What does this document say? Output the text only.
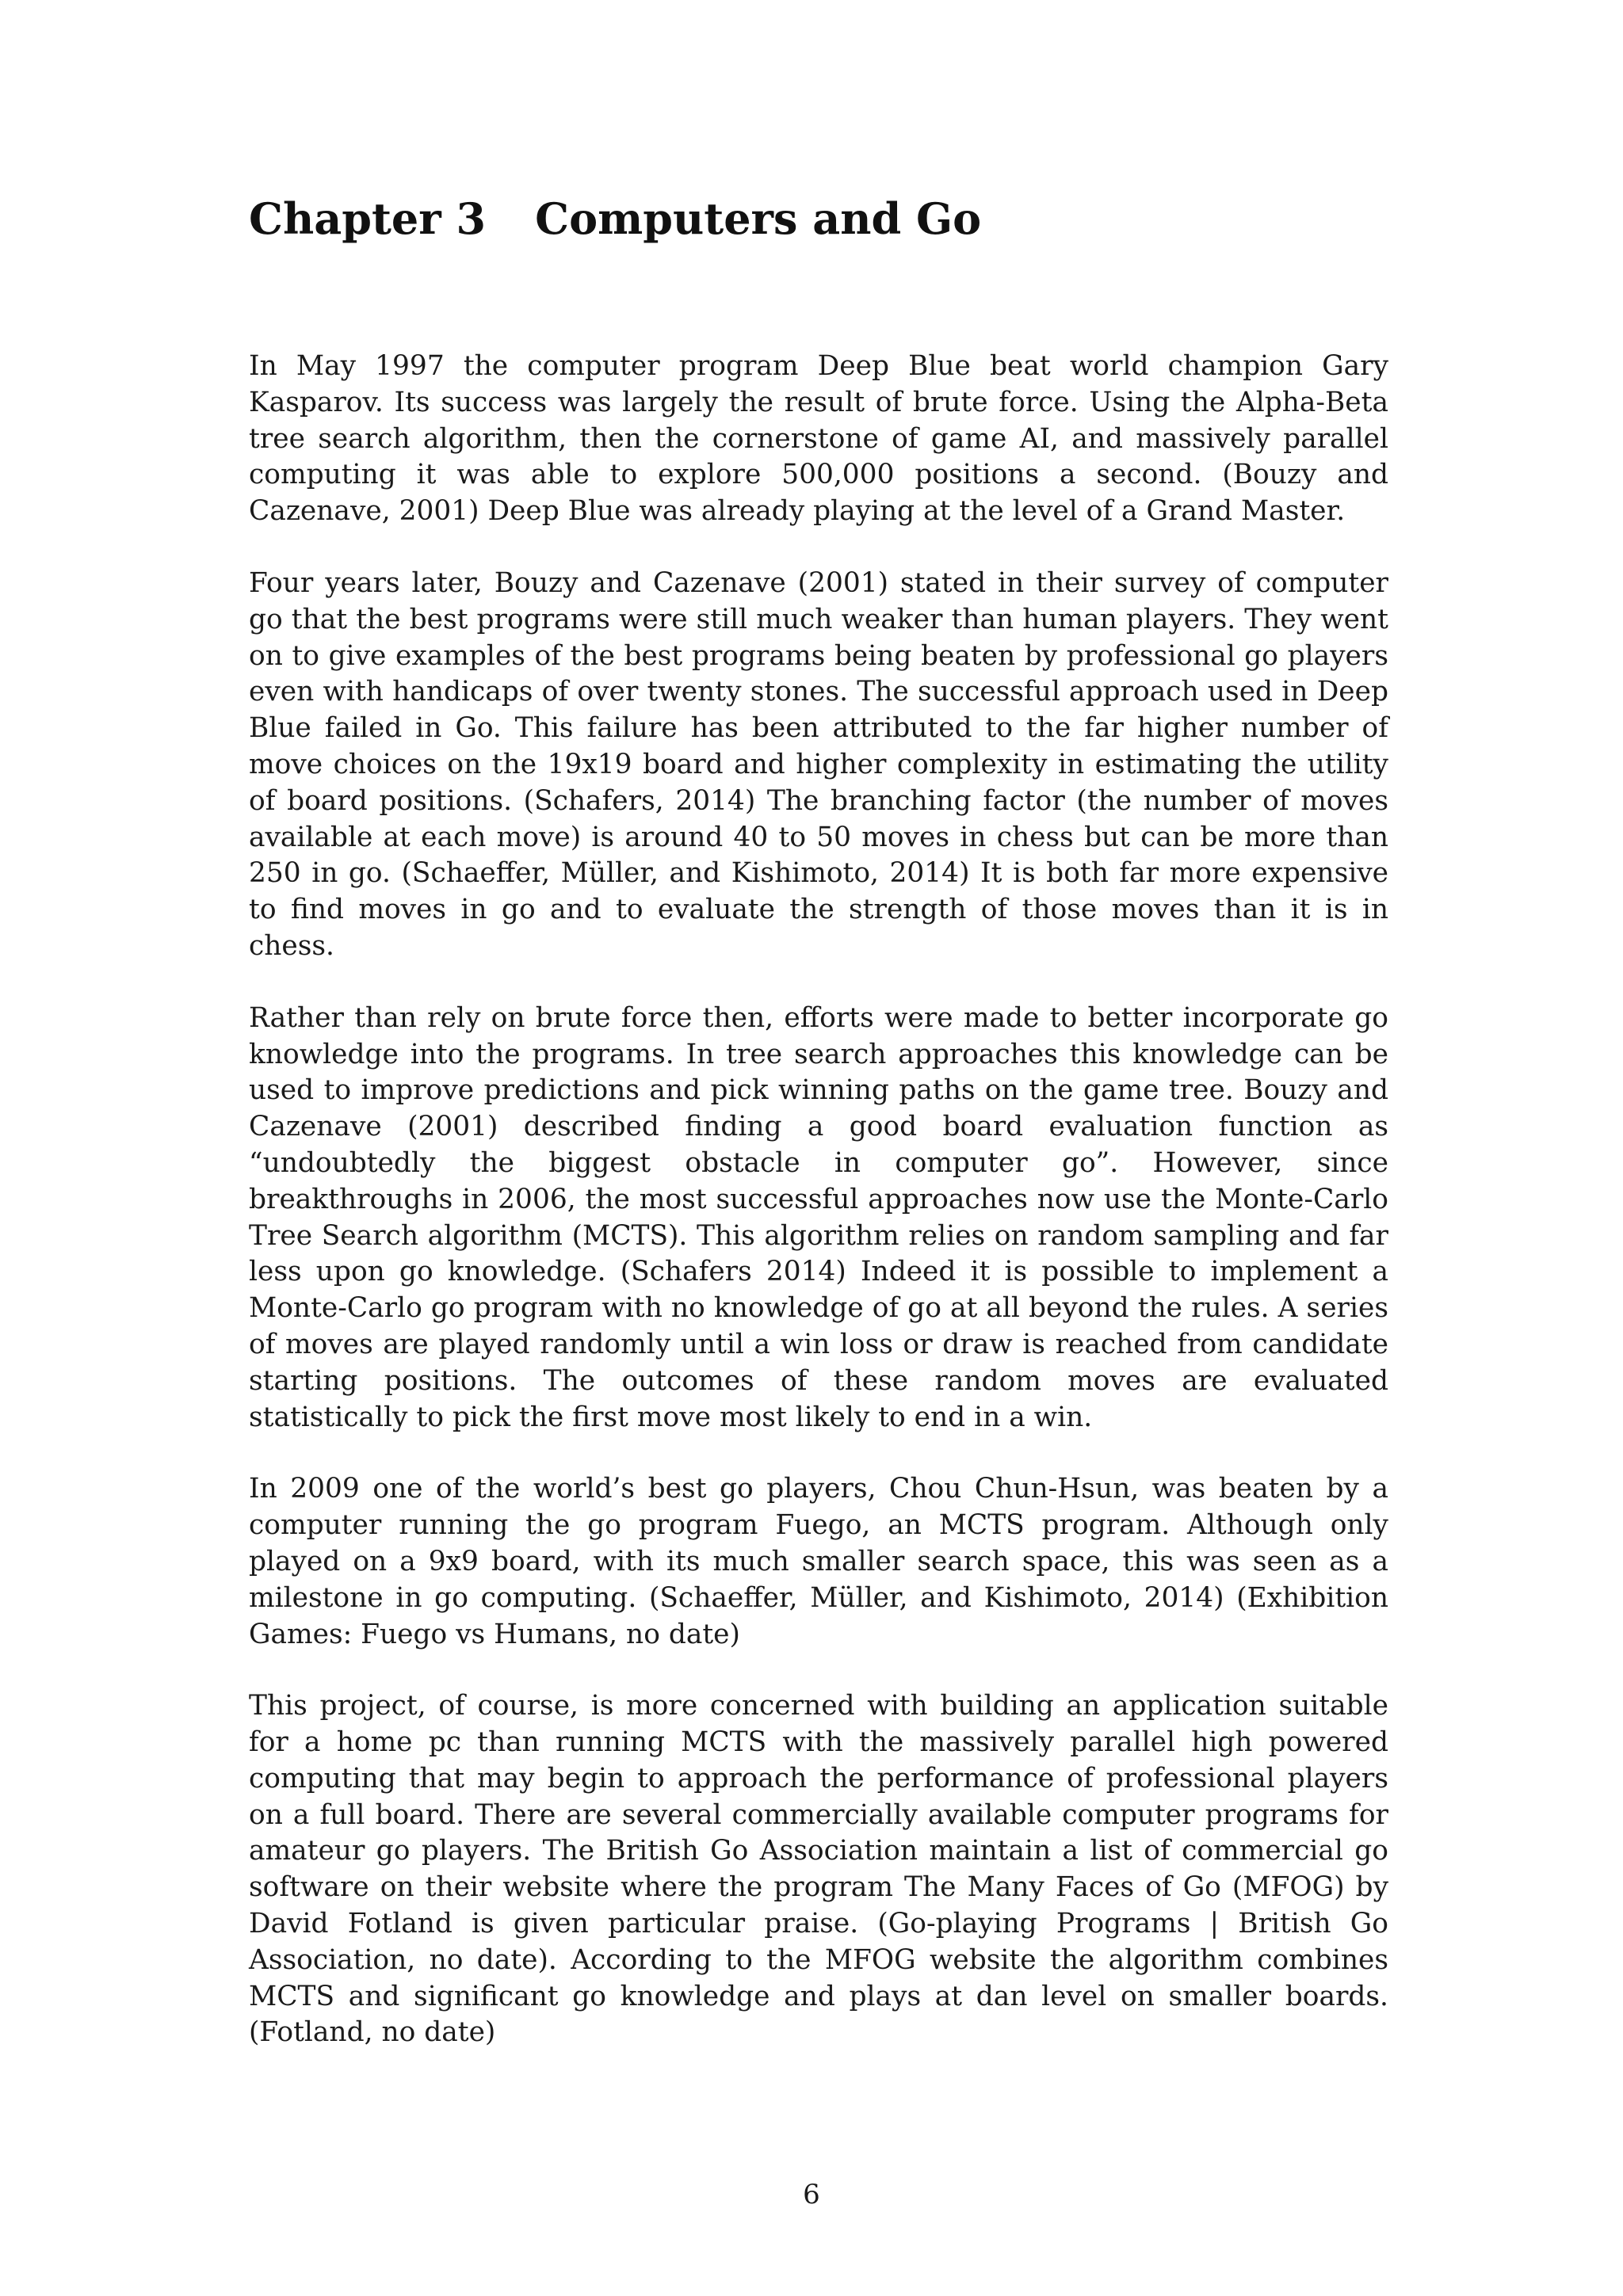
Chapter 3 Computers and Go

In May 1997 the computer program Deep Blue beat world champion Gary Kasparov. Its success was largely the result of brute force. Using the Alpha-Beta tree search algorithm, then the cornerstone of game AI, and massively parallel computing it was able to explore 500,000 positions a second. (Bouzy and Cazenave, 2001) Deep Blue was already playing at the level of a Grand Master.

Four years later, Bouzy and Cazenave (2001) stated in their survey of computer go that the best programs were still much weaker than human players. They went on to give examples of the best programs being beaten by professional go players even with handicaps of over twenty stones. The successful approach used in Deep Blue failed in Go. This failure has been attributed to the far higher number of move choices on the 19x19 board and higher complexity in estimating the utility of board positions. (Schafers, 2014) The branching factor (the number of moves available at each move) is around 40 to 50 moves in chess but can be more than 250 in go. (Schaeffer, Müller, and Kishimoto, 2014) It is both far more expensive to find moves in go and to evaluate the strength of those moves than it is in chess.

Rather than rely on brute force then, efforts were made to better incorporate go knowledge into the programs. In tree search approaches this knowledge can be used to improve predictions and pick winning paths on the game tree. Bouzy and Cazenave (2001) described finding a good board evaluation function as “undoubtedly the biggest obstacle in computer go”. However, since breakthroughs in 2006, the most successful approaches now use the Monte-Carlo Tree Search algorithm (MCTS). This algorithm relies on random sampling and far less upon go knowledge. (Schafers 2014) Indeed it is possible to implement a Monte-Carlo go program with no knowledge of go at all beyond the rules. A series of moves are played randomly until a win loss or draw is reached from candidate starting positions. The outcomes of these random moves are evaluated statistically to pick the first move most likely to end in a win.

In 2009 one of the world’s best go players, Chou Chun-Hsun, was beaten by a computer running the go program Fuego, an MCTS program. Although only played on a 9x9 board, with its much smaller search space, this was seen as a milestone in go computing. (Schaeffer, Müller, and Kishimoto, 2014) (Exhibition Games: Fuego vs Humans, no date)

This project, of course, is more concerned with building an application suitable for a home pc than running MCTS with the massively parallel high powered computing that may begin to approach the performance of professional players on a full board. There are several commercially available computer programs for amateur go players. The British Go Association maintain a list of commercial go software on their website where the program The Many Faces of Go (MFOG) by David Fotland is given particular praise. (Go-playing Programs | British Go Association, no date). According to the MFOG website the algorithm combines MCTS and significant go knowledge and plays at dan level on smaller boards. (Fotland, no date)

6
